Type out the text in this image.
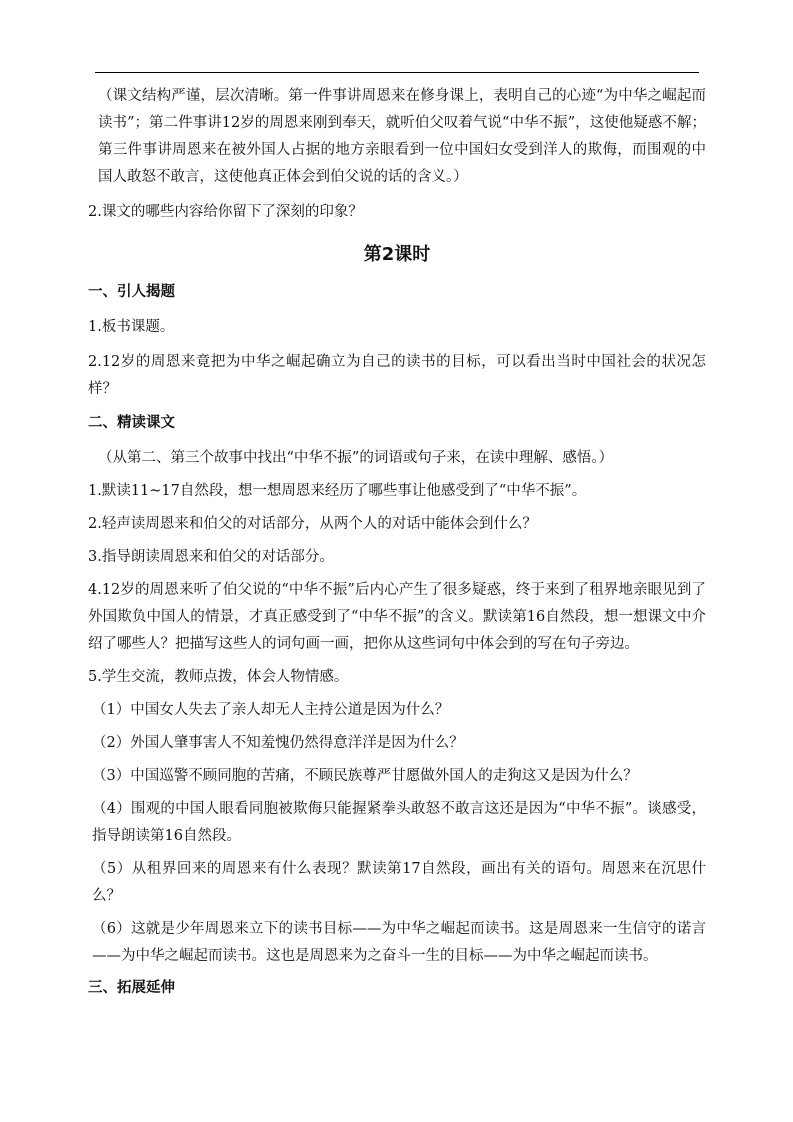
（课文结构严谨，层次清晰。第一件事讲周恩来在修身课上，表明自己的心迹“为中华之崛起而读书”；第二件事讲12岁的周恩来刚到奉天，就听伯父叹着气说“中华不振”，这使他疑惑不解；第三件事讲周恩来在被外国人占据的地方亲眼看到一位中国妇女受到洋人的欺侮，而围观的中国人敢怒不敢言，这使他真正体会到伯父说的话的含义。）

2.课文的哪些内容给你留下了深刻的印象？

第2课时
一、引人揭题

1.板书课题。

2.12岁的周恩来竟把为中华之崛起确立为自己的读书的目标，可以看出当时中国社会的状况怎样？

二、精读课文

（从第二、第三个故事中找出“中华不振”的词语或句子来，在读中理解、感悟。）

1.默读11~17自然段，想一想周恩来经历了哪些事让他感受到了“中华不振”。

2.轻声读周恩来和伯父的对话部分，从两个人的对话中能体会到什么？

3.指导朗读周恩来和伯父的对话部分。

4.12岁的周恩来听了伯父说的“中华不振”后内心产生了很多疑惑，终于来到了租界地亲眼见到了外国欺负中国人的情景，才真正感受到了“中华不振”的含义。默读第16自然段，想一想课文中介绍了哪些人？把描写这些人的词句画一画，把你从这些词句中体会到的写在句子旁边。

5.学生交流，教师点拨，体会人物情感。

（1）中国女人失去了亲人却无人主持公道是因为什么？

（2）外国人肇事害人不知羞愧仍然得意洋洋是因为什么？

（3）中国巡警不顾同胞的苦痛，不顾民族尊严甘愿做外国人的走狗这又是因为什么？

（4）围观的中国人眼看同胞被欺侮只能握紧拳头敢怒不敢言这还是因为“中华不振”。谈感受，指导朗读第16自然段。

（5）从租界回来的周恩来有什么表现？默读第17自然段，画出有关的语句。周恩来在沉思什么？

（6）这就是少年周恩来立下的读书目标——为中华之崛起而读书。这是周恩来一生信守的诺言——为中华之崛起而读书。这也是周恩来为之奋斗一生的目标——为中华之崛起而读书。

三、拓展延伸
